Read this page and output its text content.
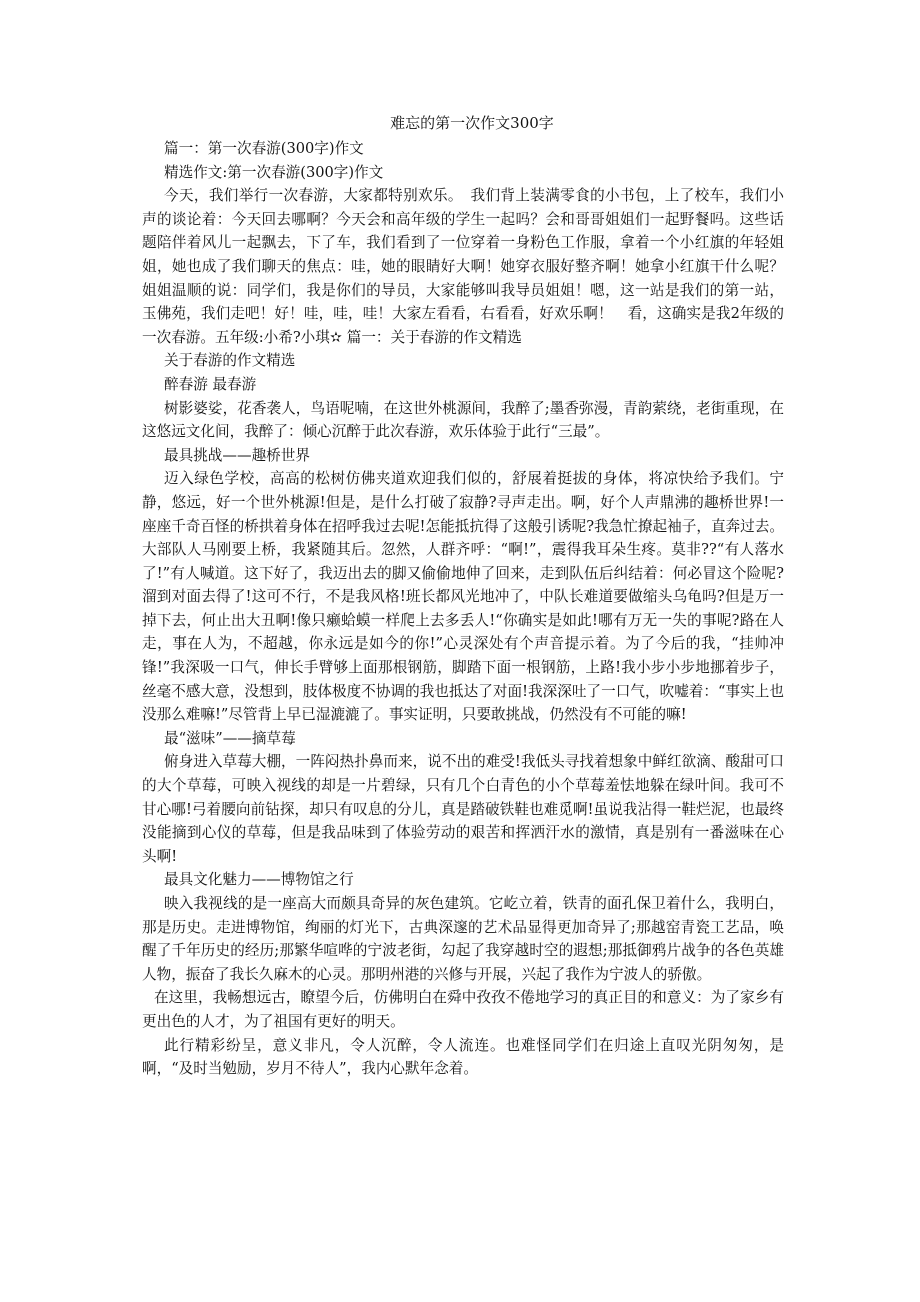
难忘的第一次作文300字

篇一：第一次春游(300字)作文

精选作文:第一次春游(300字)作文

今天，我们举行一次春游，大家都特别欢乐。　我们背上装满零食的小书包，上了校车，我们小声的谈论着：今天回去哪啊？今天会和高年级的学生一起吗？会和哥哥姐姐们一起野餐吗。这些话题陪伴着风儿一起飘去，下了车，我们看到了一位穿着一身粉色工作服，拿着一个小红旗的年轻姐姐，她也成了我们聊天的焦点：哇，她的眼睛好大啊！她穿衣服好整齐啊！她拿小红旗干什么呢？姐姐温顺的说：同学们，我是你们的导员，大家能够叫我导员姐姐！嗯，这一站是我们的第一站，玉佛苑，我们走吧！好！哇，哇，哇！大家左看看，右看看，好欢乐啊！　看，这确实是我2年级的一次春游。五年级:小希?小琪✫ 篇一：关于春游的作文精选

关于春游的作文精选

醉春游 最春游

树影婆娑，花香袭人，鸟语呢喃，在这世外桃源间，我醉了;墨香弥漫，青韵萦绕，老街重现，在这悠远文化间，我醉了：倾心沉醉于此次春游，欢乐体验于此行“三最”。

最具挑战——趣桥世界

迈入绿色学校，高高的松树仿佛夹道欢迎我们似的，舒展着挺拔的身体，将凉快给予我们。宁静，悠远，好一个世外桃源!但是，是什么打破了寂静?寻声走出。啊，好个人声鼎沸的趣桥世界!一座座千奇百怪的桥拱着身体在招呼我过去呢!怎能抵抗得了这般引诱呢?我急忙撩起袖子，直奔过去。大部队人马刚要上桥，我紧随其后。忽然，人群齐呼：“啊!”，震得我耳朵生疼。莫非??“有人落水了!”有人喊道。这下好了，我迈出去的脚又偷偷地伸了回来，走到队伍后纠结着：何必冒这个险呢?溜到对面去得了!这可不行，不是我风格!班长都风光地冲了，中队长难道要做缩头乌龟吗?但是万一掉下去，何止出大丑啊!像只癞蛤蟆一样爬上去多丢人!“你确实是如此!哪有万无一失的事呢?路在人走，事在人为，不超越，你永远是如今的你!”心灵深处有个声音提示着。为了今后的我，“挂帅冲锋!”我深吸一口气，伸长手臂够上面那根钢筋，脚踏下面一根钢筋，上路!我小步小步地挪着步子，丝毫不感大意，没想到，肢体极度不协调的我也抵达了对面!我深深吐了一口气，吹嘘着：“事实上也没那么难嘛!”尽管背上早已湿漉漉了。事实证明，只要敢挑战，仍然没有不可能的嘛!

最“滋味”——摘草莓

俯身进入草莓大棚，一阵闷热扑鼻而来，说不出的难受!我低头寻找着想象中鲜红欲滴、酸甜可口的大个草莓，可映入视线的却是一片碧绿，只有几个白青色的小个草莓羞怯地躲在绿叶间。我可不甘心哪!弓着腰向前钻探，却只有叹息的分儿，真是踏破铁鞋也难觅啊!虽说我沾得一鞋烂泥，也最终没能摘到心仪的草莓，但是我品味到了体验劳动的艰苦和挥洒汗水的激情，真是别有一番滋味在心头啊!

最具文化魅力——博物馆之行

映入我视线的是一座高大而颇具奇异的灰色建筑。它屹立着，铁青的面孔保卫着什么，我明白，那是历史。走进博物馆，绚丽的灯光下，古典深邃的艺术品显得更加奇异了;那越窑青瓷工艺品，唤醒了千年历史的经历;那繁华喧哗的宁波老街，勾起了我穿越时空的遐想;那抵御鸦片战争的各色英雄人物，振奋了我长久麻木的心灵。那明州港的兴修与开展，兴起了我作为宁波人的骄傲。

在这里，我畅想远古，瞭望今后，仿佛明白在舜中孜孜不倦地学习的真正目的和意义：为了家乡有更出色的人才，为了祖国有更好的明天。

此行精彩纷呈，意义非凡，令人沉醉，令人流连。也难怪同学们在归途上直叹光阴匆匆，是啊，“及时当勉励，岁月不待人”，我内心默年念着。
